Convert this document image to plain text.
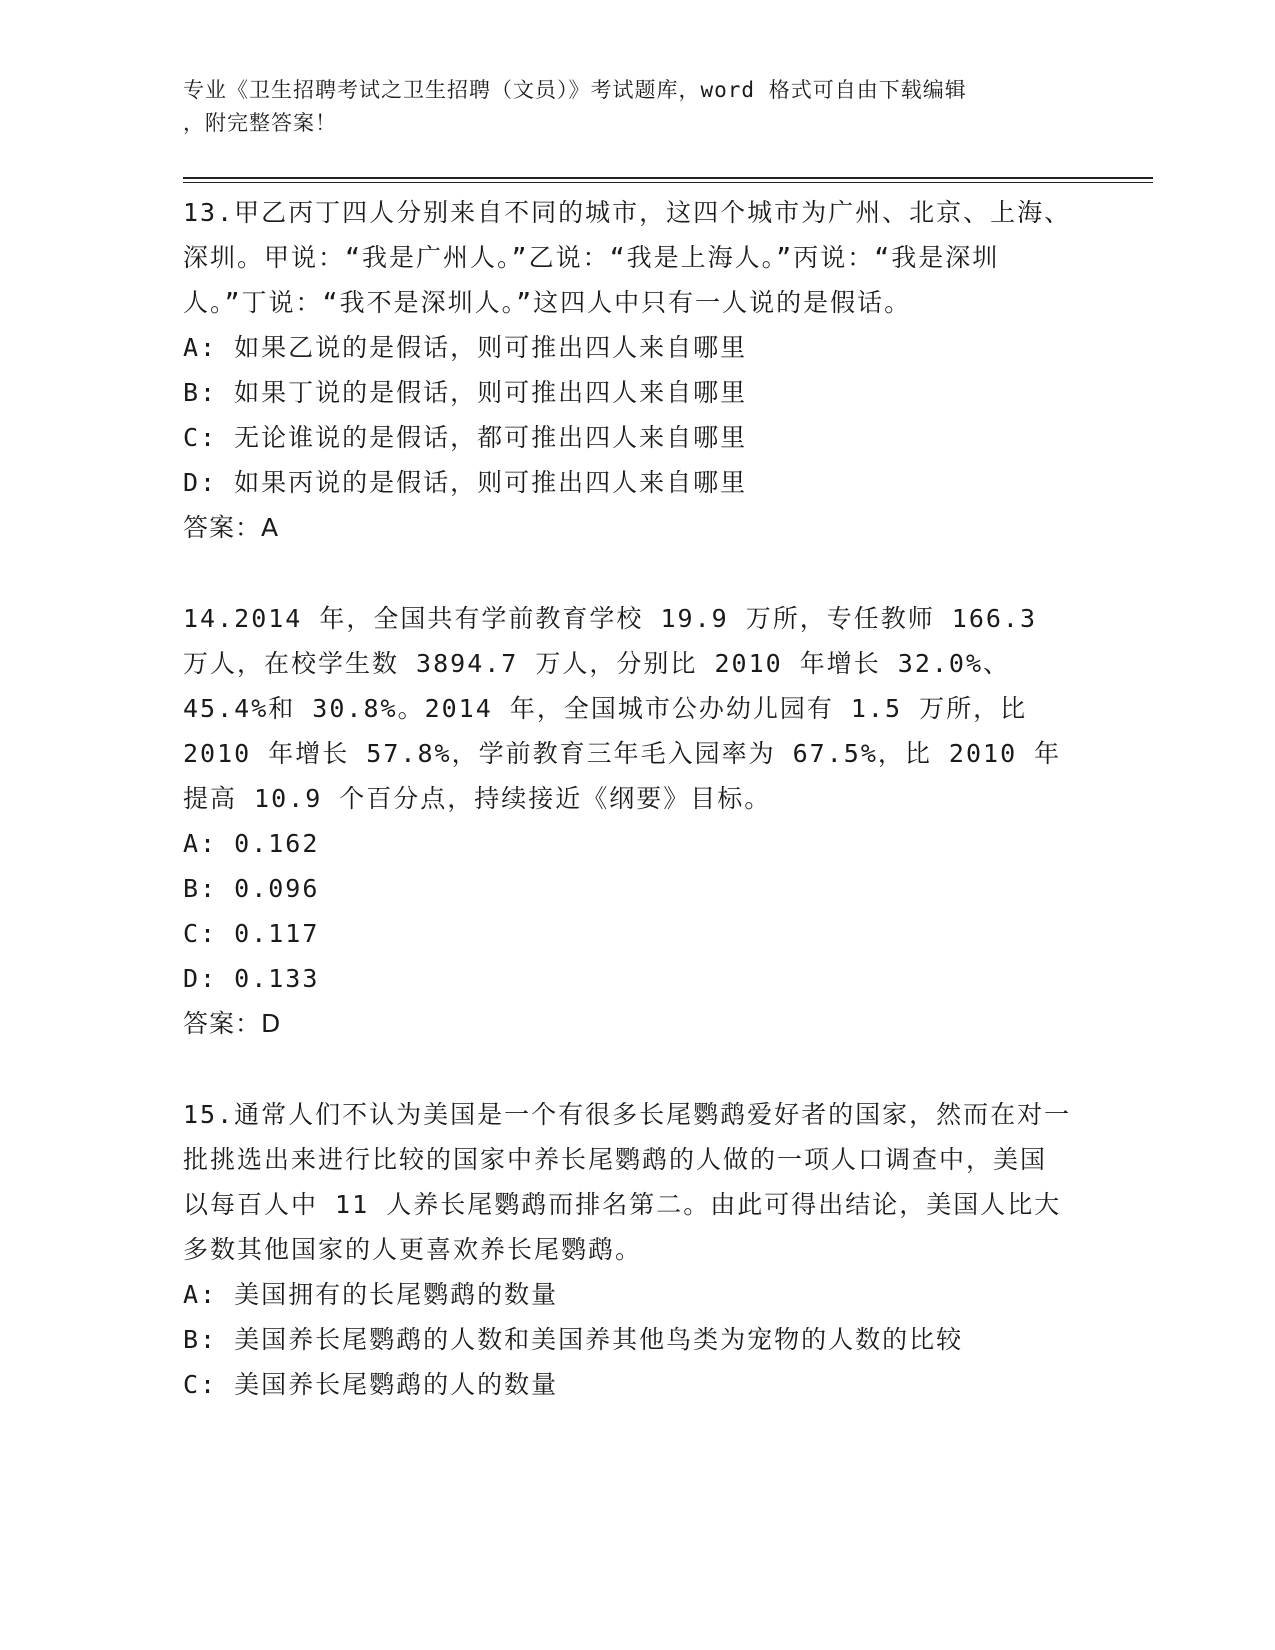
专业《卫生招聘考试之卫生招聘（文员）》考试题库，word 格式可自由下载编辑
，附完整答案！

13.甲乙丙丁四人分别来自不同的城市，这四个城市为广州、北京、上海、深圳。甲说：“我是广州人。”乙说：“我是上海人。”丙说：“我是深圳人。”丁说：“我不是深圳人。”这四人中只有一人说的是假话。

A: 如果乙说的是假话，则可推出四人来自哪里

B: 如果丁说的是假话，则可推出四人来自哪里

C: 无论谁说的是假话，都可推出四人来自哪里

D: 如果丙说的是假话，则可推出四人来自哪里

答案：A

14.2014 年，全国共有学前教育学校 19.9 万所，专任教师 166.3 万人，在校学生数 3894.7 万人，分别比 2010 年增长 32.0%、45.4%和 30.8%。2014 年，全国城市公办幼儿园有 1.5 万所，比 2010 年增长 57.8%，学前教育三年毛入园率为 67.5%，比 2010 年提高 10.9 个百分点，持续接近《纲要》目标。

A: 0.162

B: 0.096

C: 0.117

D: 0.133

答案：D

15.通常人们不认为美国是一个有很多长尾鹦鹉爱好者的国家，然而在对一批挑选出来进行比较的国家中养长尾鹦鹉的人做的一项人口调查中，美国以每百人中 11 人养长尾鹦鹉而排名第二。由此可得出结论，美国人比大多数其他国家的人更喜欢养长尾鹦鹉。

A: 美国拥有的长尾鹦鹉的数量

B: 美国养长尾鹦鹉的人数和美国养其他鸟类为宠物的人数的比较

C: 美国养长尾鹦鹉的人的数量
